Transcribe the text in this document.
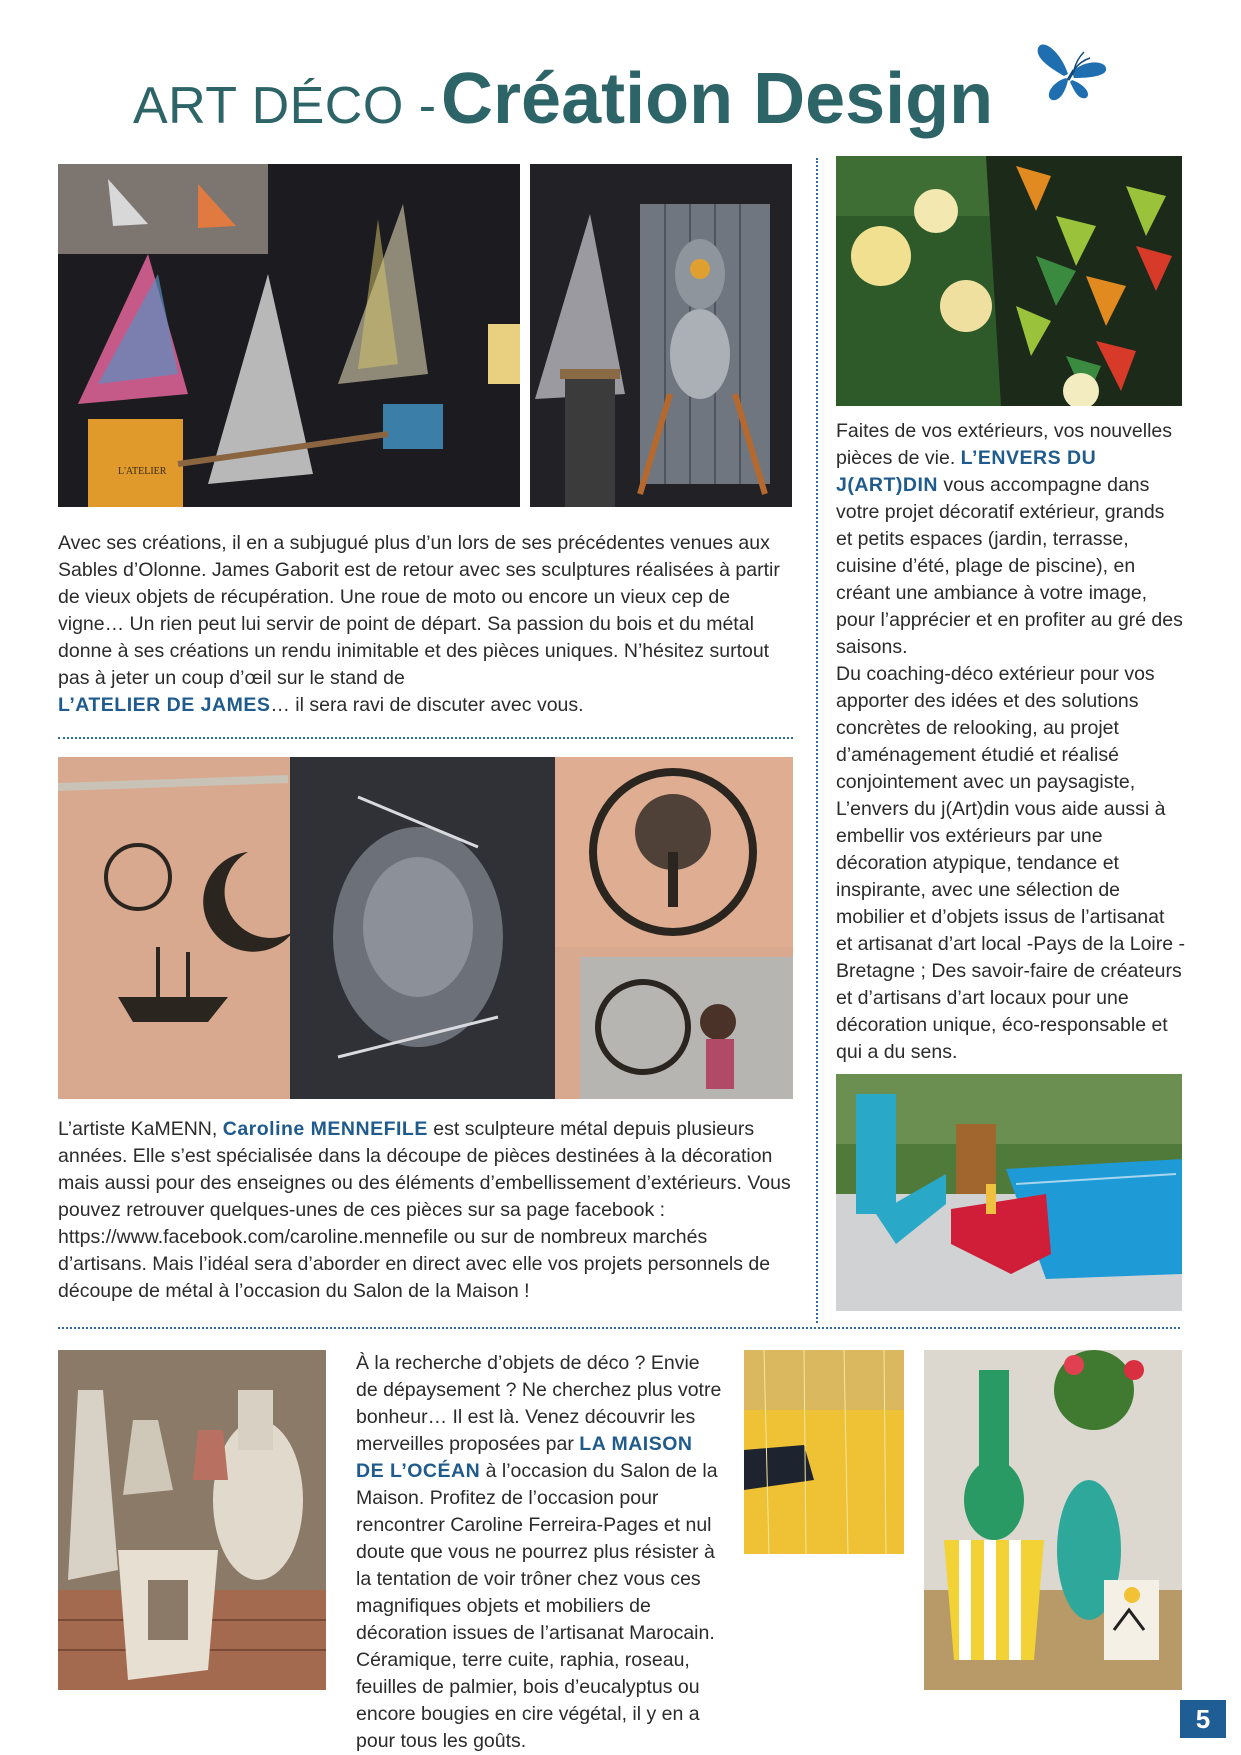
ART DÉCO - Création Design
L'ATELIER
Avec ses créations, il en a subjugué plus d’un lors de ses précédentes venues aux Sables d’Olonne. James Gaborit est de retour avec ses sculptures réalisées à partir de vieux objets de récupération. Une roue de moto ou encore un vieux cep de vigne… Un rien peut lui servir de point de départ. Sa passion du bois et du métal donne à ses créations un rendu inimitable et des pièces uniques. N’hésitez surtout pas à jeter un coup d’œil sur le stand de
L’ATELIER DE JAMES… il sera ravi de discuter avec vous.
L’artiste KaMENN, Caroline MENNEFILE est sculpteure métal depuis plusieurs années. Elle s’est spécialisée dans la découpe de pièces destinées à la décoration mais aussi pour des enseignes ou des éléments d’embellissement d’extérieurs. Vous pouvez retrouver quelques-unes de ces pièces sur sa page facebook : https://www.facebook.com/caroline.mennefile ou sur de nombreux marchés d’artisans. Mais l’idéal sera d’aborder en direct avec elle vos projets personnels de découpe de métal à l’occasion du Salon de la Maison !
Faites de vos extérieurs, vos nouvelles pièces de vie. L’ENVERS DU J(ART)DIN vous accompagne dans votre projet décoratif extérieur, grands et petits espaces (jardin, terrasse, cuisine d’été, plage de piscine), en créant une ambiance à votre image, pour l’apprécier et en profiter au gré des saisons.
Du coaching-déco extérieur pour vos apporter des idées et des solutions concrètes de relooking, au projet d’aménagement étudié et réalisé conjointement avec un paysagiste, L’envers du j(Art)din vous aide aussi à embellir vos extérieurs par une décoration atypique, tendance et inspirante, avec une sélection de mobilier et d’objets issus de l’artisanat et artisanat d’art local -Pays de la Loire -Bretagne ; Des savoir-faire de créateurs et d’artisans d’art locaux pour une décoration unique, éco-responsable et qui a du sens.
À la recherche d’objets de déco ? Envie de dépaysement ? Ne cherchez plus votre bonheur… Il est là. Venez découvrir les merveilles proposées par LA MAISON DE L’OCÉAN à l’occasion du Salon de la Maison. Profitez de l’occasion pour rencontrer Caroline Ferreira-Pages et nul doute que vous ne pourrez plus résister à la tentation de voir trôner chez vous ces magnifiques objets et mobiliers de décoration issues de l’artisanat Marocain. Céramique, terre cuite, raphia, roseau, feuilles de palmier, bois d’eucalyptus ou encore bougies en cire végétal, il y en a pour tous les goûts.
5
